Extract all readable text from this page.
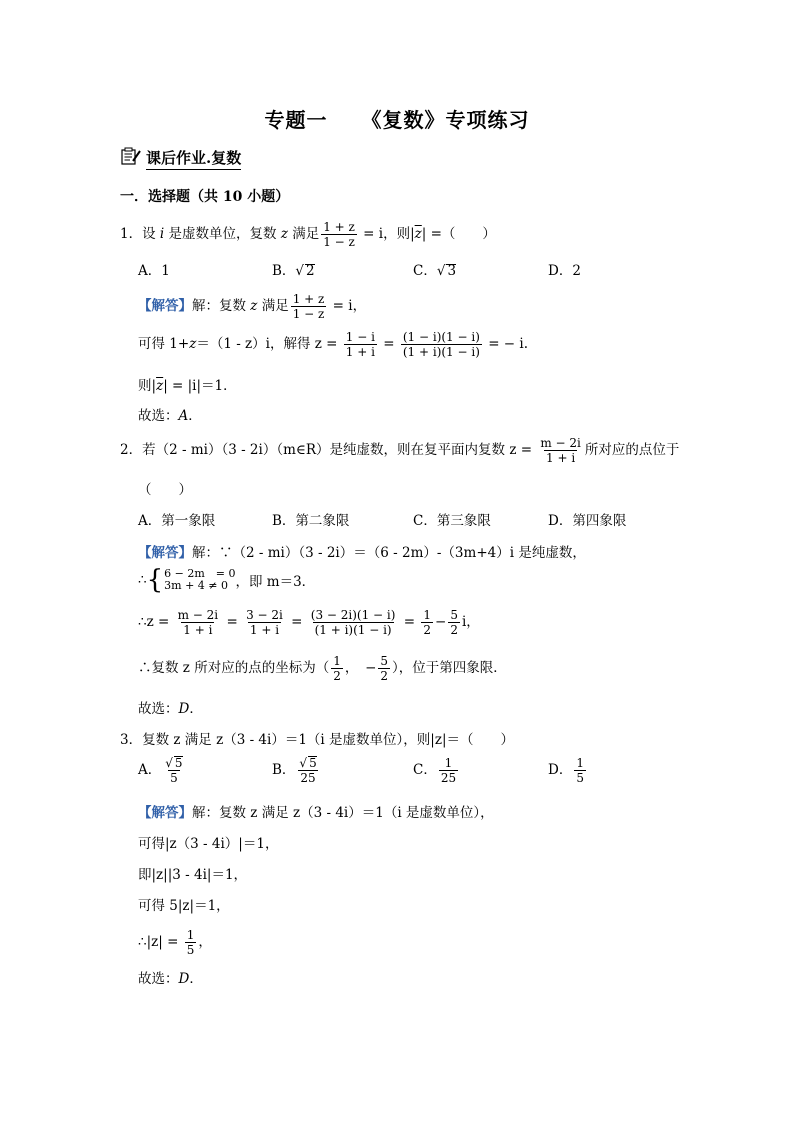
专题一 《复数》专项练习
课后作业.复数
一．选择题（共 10 小题）
1．设 i 是虚数单位，复数 z 满足 $\frac{1 + z}{1 - z} = i$，则$|\overline{z}|$ =（　　）
A．1	B．√ 2	C．√ 3	D．2
【解答】解：复数 z 满足 $\frac{1 + z}{1 - z} = i$，
可得 1+z＝（1 - z）i，解得 $z = \frac{1 - i}{1 + i} = \frac{(1 - i)(1 - i)}{(1 + i)(1 - i)}$ = − i.
则$|\overline{z}| = |i|=1$．
故选：A．
2．若（2 - mi）（3 - 2i）（m∈R）是纯虚数，则在复平面内复数 $z = \frac{m - 2i}{1 + i}$ 所对应的点位于
（　　）
A．第一象限	B．第二象限	C．第三象限	D．第四象限
【解答】解：∵（2 - mi）（3 - 2i）＝（6 - 2m）-（3m+4）i 是纯虚数，
∴ { 6 − 2m　= 0
3m + 4 ≠ 0 ，即 m＝3．
∴z = $\frac{m - 2i}{1 + i} = \frac{3 - 2i}{1 + i} = \frac{(3 - 2i)(1 - i)}{(1 + i)(1 - i)} = \frac{1}{2} - \frac{5}{2}$ i，
∴复数 z 所对应的点的坐标为（ $\frac{1}{2}$ ，　− $\frac{5}{2}$ ），位于第四象限．
故选：D．
3．复数 z 满足 z（3 - 4i）＝1（i 是虚数单位），则|z|＝（　　）
A． $\frac{√ 5}{5}$	B． $\frac{√ 5}{25}$	C． $\frac{1}{25}$	D． $\frac{1}{5}$
【解答】解：复数 z 满足 z（3 - 4i）＝1（i 是虚数单位），
可得|z（3 - 4i）|＝1，
即|z||3 - 4i|＝1，
可得 5|z|＝1，
∴|z| = $\frac{1}{5}$ ，
故选：D．
